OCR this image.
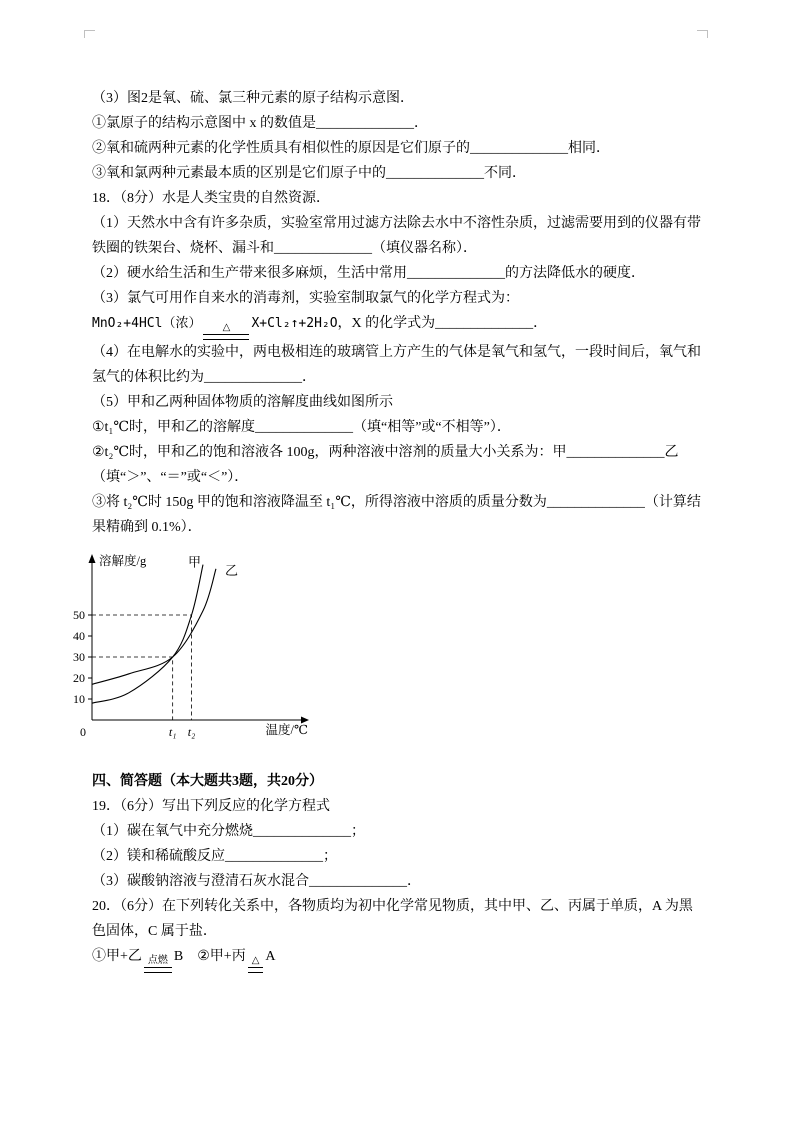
（3）图2是氧、硫、氯三种元素的原子结构示意图．

①氯原子的结构示意图中 x 的数值是______________．

②氧和硫两种元素的化学性质具有相似性的原因是它们原子的______________相同．

③氧和氯两种元素最本质的区别是它们原子中的______________不同．

18．（8分）水是人类宝贵的自然资源．

（1）天然水中含有许多杂质，实验室常用过滤方法除去水中不溶性杂质，过滤需要用到的仪器有带铁圈的铁架台、烧杯、漏斗和______________（填仪器名称）．

（2）硬水给生活和生产带来很多麻烦，生活中常用______________的方法降低水的硬度．

（3）氯气可用作自来水的消毒剂，实验室制取氯气的化学方程式为：

MnO₂+4HCl（浓）	△	X+Cl₂↑+2H₂O，X 的化学式为______________．

（4）在电解水的实验中，两电极相连的玻璃管上方产生的气体是氧气和氢气，一段时间后，氧气和氢气的体积比约为______________．

（5）甲和乙两种固体物质的溶解度曲线如图所示

①t₁℃时，甲和乙的溶解度______________（填“相等”或“不相等”）．

②t₂℃时，甲和乙的饱和溶液各 100g，两种溶液中溶剂的质量大小关系为：甲______________乙（填“＞”、“＝”或“＜”）．

③将 t₂℃时 150g 甲的饱和溶液降温至 t₁℃，所得溶液中溶质的质量分数为______________（计算结果精确到 0.1%）．

10
20
30
40
50
0	t₁ t₂
甲
乙
溶解度/g
温度/℃

四、简答题（本大题共3题，共20分）

19．（6分）写出下列反应的化学方程式

（1）碳在氧气中充分燃烧______________；

（2）镁和稀硫酸反应______________；

（3）碳酸钠溶液与澄清石灰水混合______________．

20．（6分）在下列转化关系中，各物质均为初中化学常见物质，其中甲、乙、丙属于单质，A 为黑色固体，C 属于盐．

①甲+乙 点燃 B ②甲+丙 △ A
